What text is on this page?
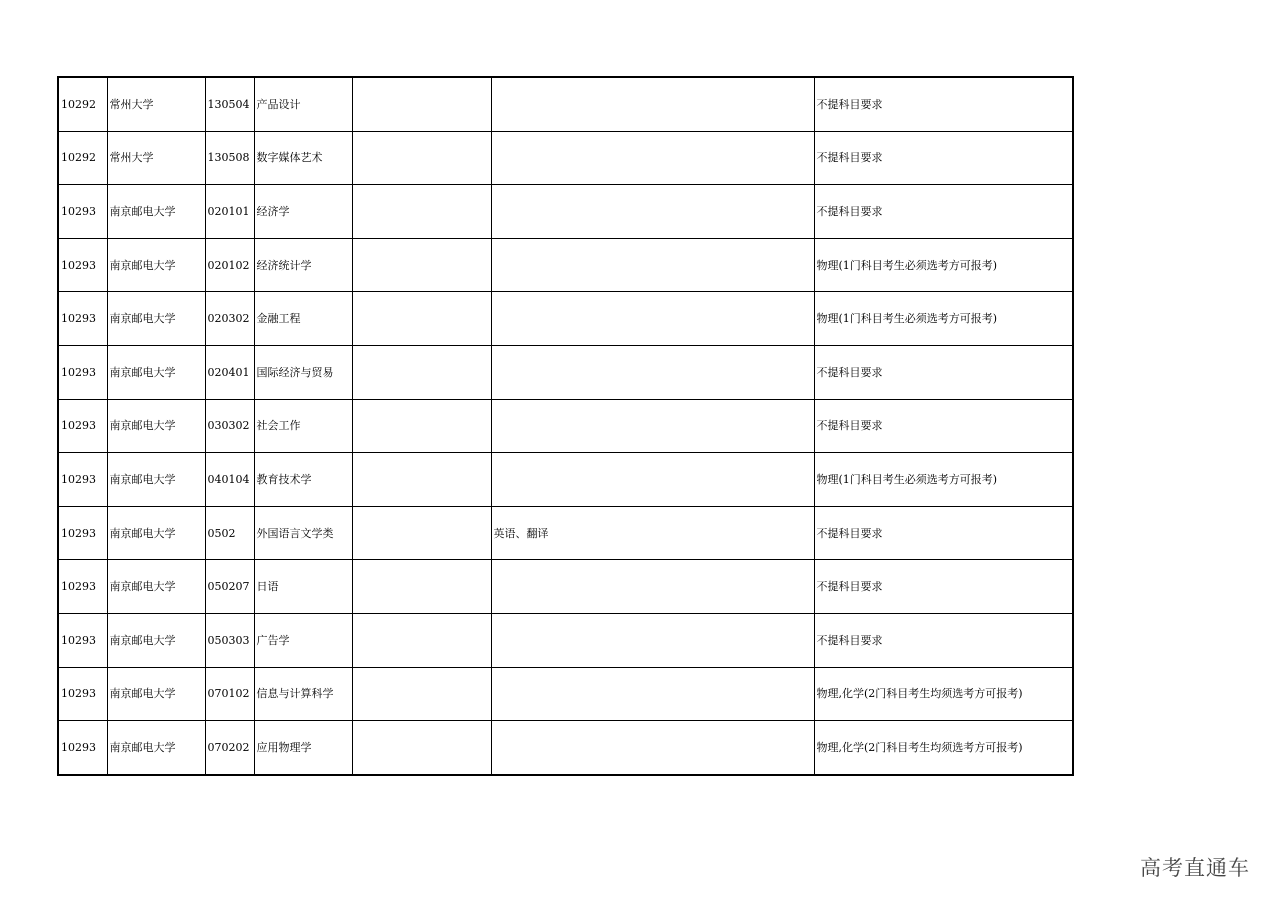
10292	常州大学	130504	产品设计			不提科目要求
10292	常州大学	130508	数字媒体艺术			不提科目要求
10293	南京邮电大学	020101	经济学			不提科目要求
10293	南京邮电大学	020102	经济统计学			物理(1门科目考生必须选考方可报考)
10293	南京邮电大学	020302	金融工程			物理(1门科目考生必须选考方可报考)
10293	南京邮电大学	020401	国际经济与贸易			不提科目要求
10293	南京邮电大学	030302	社会工作			不提科目要求
10293	南京邮电大学	040104	教育技术学			物理(1门科目考生必须选考方可报考)
10293	南京邮电大学	0502	外国语言文学类		英语、翻译	不提科目要求
10293	南京邮电大学	050207	日语			不提科目要求
10293	南京邮电大学	050303	广告学			不提科目要求
10293	南京邮电大学	070102	信息与计算科学			物理,化学(2门科目考生均须选考方可报考)
10293	南京邮电大学	070202	应用物理学			物理,化学(2门科目考生均须选考方可报考)
高考直通车
